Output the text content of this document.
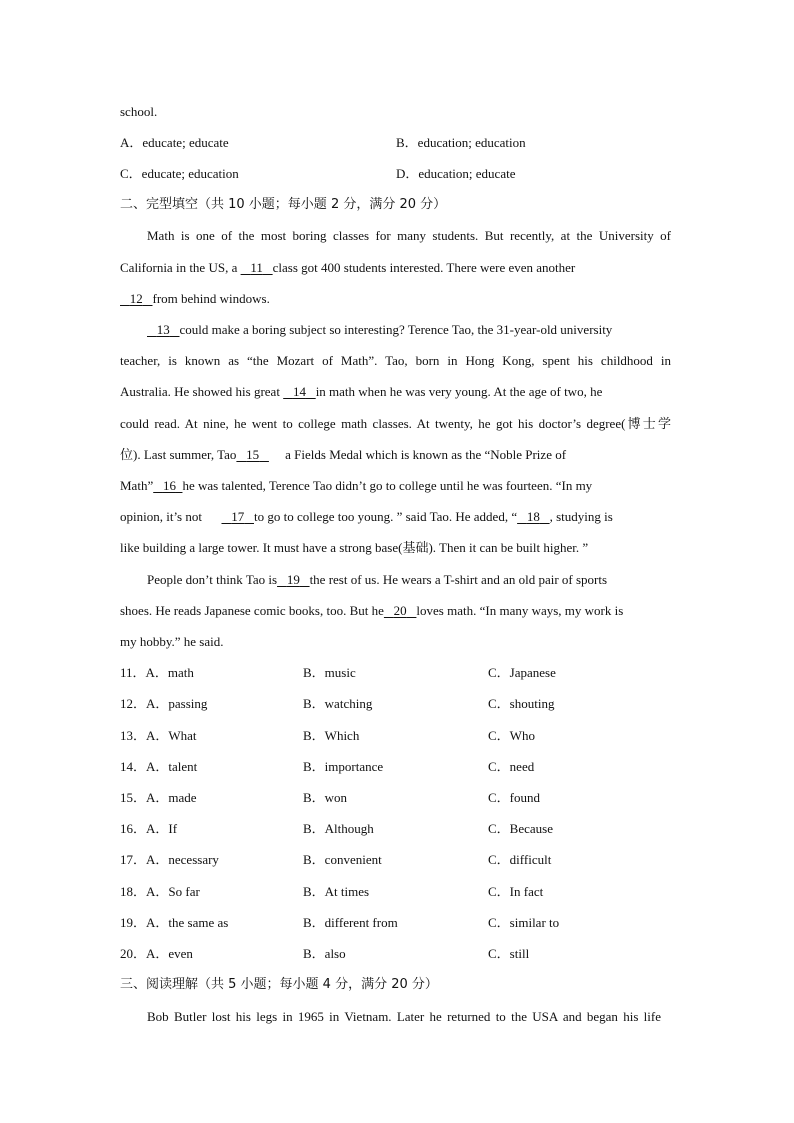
school.
A．educate; educate	B．education; education
C．educate; education	D．education; educate
二、完型填空（共 10 小题；每小题 2 分，满分 20 分）
Math is one of the most boring classes for many students. But recently, at the University of
California in the US, a 11 class got 400 students interested. There were even another
12 from behind windows.
13 could make a boring subject so interesting? Terence Tao, the 31-year-old university
teacher, is known as “the Mozart of Math”. Tao, born in Hong Kong, spent his childhood in
Australia. He showed his great 14 in math when he was very young. At the age of two, he
could read. At nine, he went to college math classes. At twenty, he got his doctor’s degree(博士学
位). Last summer, Tao 15 a Fields Medal which is known as the “Noble Prize of
Math” 16 he was talented, Terence Tao didn’t go to college until he was fourteen. “In my
opinion, it’s not 17 to go to college too young. ” said Tao. He added, “ 18 , studying is
like building a large tower. It must have a strong base(基础). Then it can be built higher. ”
People don’t think Tao is 19 the rest of us. He wears a T-shirt and an old pair of sports
shoes. He reads Japanese comic books, too. But he 20 loves math. “In many ways, my work is
my hobby.” he said.
11．A．math	B．music	C．Japanese
12．A．passing	B．watching	C．shouting
13．A．What	B．Which	C．Who
14．A．talent	B．importance	C．need
15．A．made	B．won	C．found
16．A．If	B．Although	C．Because
17．A．necessary	B．convenient	C．difficult
18．A．So far	B．At times	C．In fact
19．A．the same as	B．different from	C．similar to
20．A．even	B．also	C．still
三、阅读理解（共 5 小题；每小题 4 分，满分 20 分）
Bob Butler lost his legs in 1965 in Vietnam. Later he returned to the USA and began his life
